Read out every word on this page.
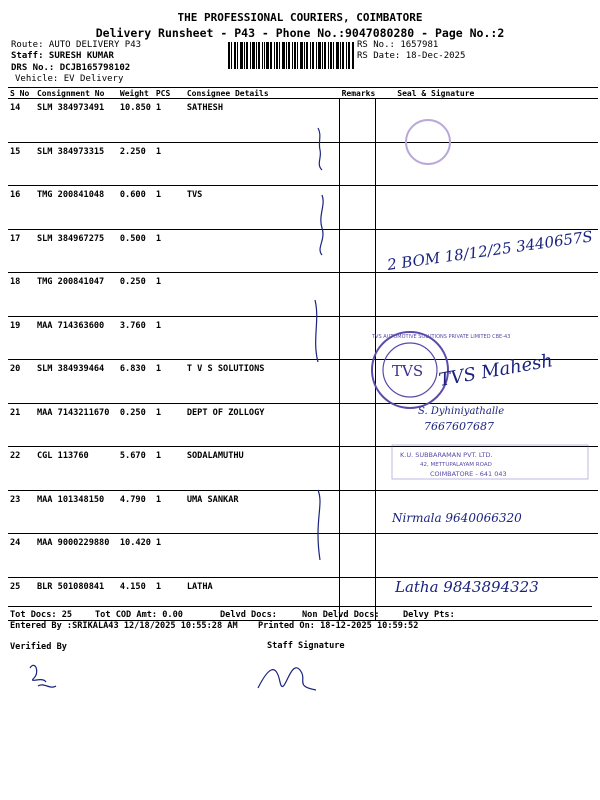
THE PROFESSIONAL COURIERS, COIMBATORE
Delivery Runsheet - P43 - Phone No.:9047080280 - Page No.:2
Route: AUTO DELIVERY P43
Staff: SURESH KUMAR
DRS No.: DCJB165798102
Vehicle: EV Delivery
RS No.: 1657981
RS Date: 18-Dec-2025
S No	Consignment No	Weight	PCS	Consignee Details	Remarks	Seal & Signature
14	SLM 384973491	10.850	1	SATHESH		
15	SLM 384973315	2.250	1			
16	TMG 200841048	0.600	1	TVS		
17	SLM 384967275	0.500	1			
18	TMG 200841047	0.250	1			
19	MAA 714363600	3.760	1			
20	SLM 384939464	6.830	1	T V S SOLUTIONS		
21	MAA 7143211670	0.250	1	DEPT OF ZOLLOGY		
22	CGL 113760	5.670	1	SODALAMUTHU		
23	MAA 101348150	4.790	1	UMA SANKAR		
24	MAA 9000229880	10.420	1			
25	BLR 501080841	4.150	1	LATHA		
TVS
TVS AUTOMOTIVE SOLUTIONS PRIVATE LIMITED CBE-43
K.U. SUBBARAMAN PVT. LTD.
42, METTUPALAYAM ROAD
COIMBATORE - 641 043
2 BOM 18/12/25 3440657S
TVS Mahesh
S. Dyhiniyathalle
7667607687
Nirmala 9640066320
Latha 9843894323
Tot Docs: 25	Tot COD Amt: 0.00	Delvd Docs:	Non Delvd Docs:	Delvy Pts:
Entered By :SRIKALA43 12/18/2025 10:55:28 AM Printed On: 18-12-2025 10:59:52
Verified By	Staff Signature
